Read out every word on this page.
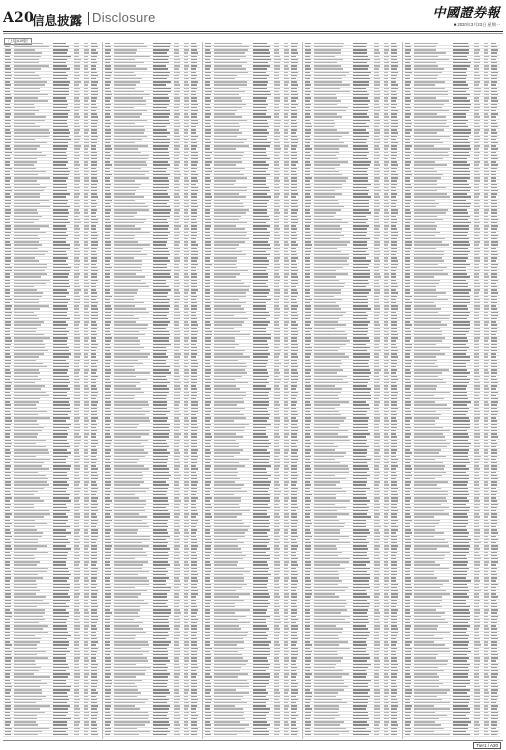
A20
信息披露 Disclosure	中國證券報
■ 2020年3月23日 星期一
（上接A19版）
Tier1 / A20
